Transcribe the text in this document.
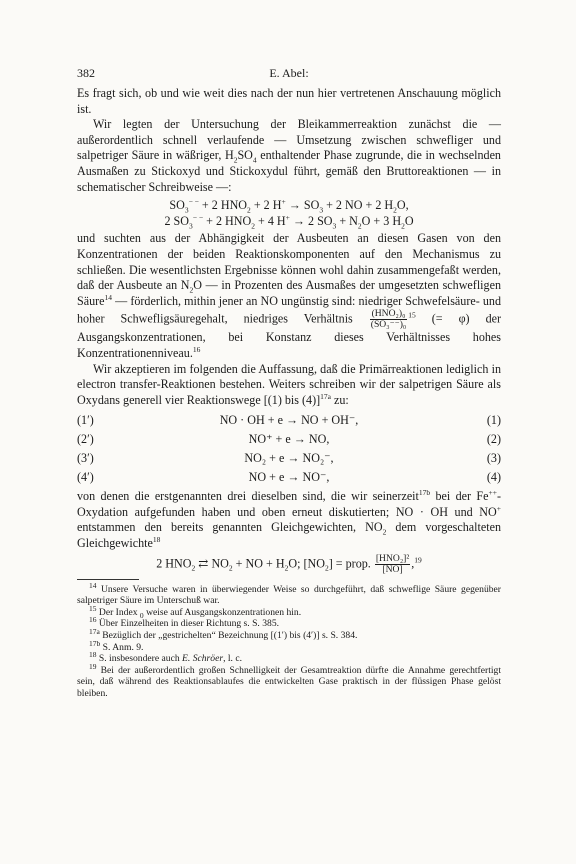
382	E. Abel:

Es fragt sich, ob und wie weit dies nach der nun hier vertretenen Anschauung möglich ist.

Wir legten der Untersuchung der Bleikammerreaktion zunächst die — außerordentlich schnell verlaufende — Umsetzung zwischen schwefliger und salpetriger Säure in wäßriger, $H_2SO_4$ enthaltender Phase zugrunde, die in wechselnden Ausmaßen zu Stickoxyd und Stickoxydul führt, gemäß den Bruttoreaktionen — in schematischer Schreibweise —:

$SO_3^{- -} + 2$ $HNO_2 + 2$ $H^+ \to SO_3 + 2$ NO + 2 $H_2O$,
2 $SO_3^{- -} + 2$ $HNO_2 + 4$ H+ → 2 $SO_3 + N_2O + 3$ $H_2O$

und suchten aus der Abhängigkeit der Ausbeuten an diesen Gasen von den Konzentrationen der beiden Reaktionskomponenten auf den Mechanismus zu schließen. Die wesentlichsten Ergebnisse können wohl dahin zusammengefaßt werden, daß der Ausbeute an $N_2O$ — in Prozenten des Ausmaßes der umgesetzten schwefligen Säure$^{14}$ — förderlich, mithin jener an NO ungünstig sind: niedriger Schwefelsäure- und hoher Schwefligsäuregehalt, niedriges Verhältnis $\frac{\text{(HNO₂)₀}}{\text{(SO₃⁻⁻)₀}} ^{15}$ (= φ) der Ausgangskonzentrationen, bei Konstanz dieses Verhältnisses hohes Konzentrationenniveau.$^{16}$

Wir akzeptieren im folgenden die Auffassung, daß die Primärreaktionen lediglich in electron transfer-Reaktionen bestehen. Weiters schreiben wir der salpetrigen Säure als Oxydans generell vier Reaktionswege [(1) bis (4)]$^{17a}$ zu:

(1′)	NO · OH + e → NO + OH⁻,	(1)
(2′)	NO⁺ + e → NO,	(2)
(3′)	NO₂ + e → NO₂⁻,	(3)
(4′)	NO + e → NO⁻,	(4)

von denen die erstgenannten drei dieselben sind, die wir seinerzeit$^{17b}$ bei der Fe++-Oxydation aufgefunden haben und oben erneut diskutierten; NO · OH und NO+ entstammen den bereits genannten Gleichgewichten, $NO_2$ dem vorgeschalteten Gleichgewichte$^{18}$

2 $HNO_2$ ⇄ $NO_2$ + NO + $H_2O$; $[NO_2]$ = prop. $\frac{\text{[HNO₂]²}}{[NO]} ,^{19}$
$^{14}$ Unsere Versuche waren in überwiegender Weise so durchgeführt, daß schweflige Säure gegenüber salpetriger Säure im Unterschuß war.
$^{15}$ Der Index $_0$ weise auf Ausgangskonzentrationen hin.
$^{16}$ Über Einzelheiten in dieser Richtung s. S. 385.
$^{17a}$ Bezüglich der „gestrichelten“ Bezeichnung [(1′) bis (4′)] s. S. 384.
$^{17b}$ S. Anm. 9.
$^{18}$ S. insbesondere auch E. Schröer, l. c.
$^{19}$ Bei der außerordentlich großen Schnelligkeit der Gesamtreaktion dürfte die Annahme gerechtfertigt sein, daß während des Reaktionsablaufes die entwickelten Gase praktisch in der flüssigen Phase gelöst bleiben.
